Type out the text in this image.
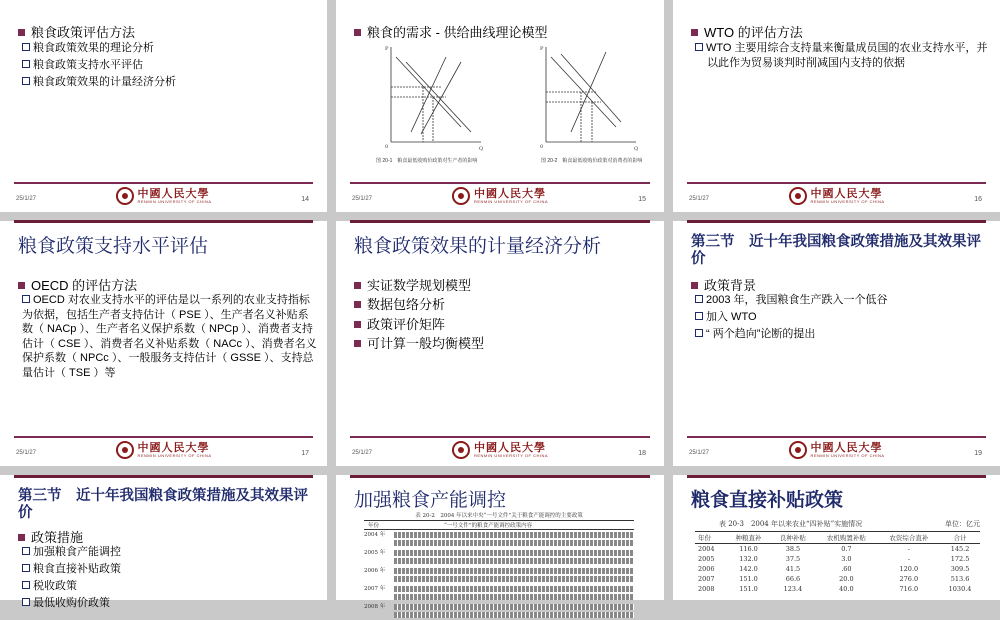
粮食政策评估方法
粮食政策效果的理论分析
粮食政策支持水平评估
粮食政策效果的计量经济分析
25/1/27	中國人民大學
RENMIN UNIVERSITY OF CHINA	14
粮食的需求 - 供给曲线理论模型
P
Q
0
图 20-1　粮食最低收购价政策对生产者的影响
P
Q
0
图 20-2　粮食最低收购价政策对消费者的影响
25/1/27	中國人民大學
RENMIN UNIVERSITY OF CHINA	15
WTO 的评估方法
WTO 主要用综合支持量来衡量成员国的农业支持水平，并以此作为贸易谈判时削减国内支持的依据
25/1/27	中國人民大學
RENMIN UNIVERSITY OF CHINA	16
粮食政策支持水平评估
OECD 的评估方法
OECD 对农业支持水平的评估是以一系列的农业支持指标为依据，包括生产者支持估计（ PSE ）、生产者名义补贴系数（ NACp ）、生产者名义保护系数（ NPCp ）、消费者支持估计（ CSE ）、消费者名义补贴系数（ NACc ）、消费者名义保护系数（ NPCc ）、一般服务支持估计（ GSSE ）、支持总量估计（ TSE ）等
25/1/27	中國人民大學
RENMIN UNIVERSITY OF CHINA	17
粮食政策效果的计量经济分析
实证数学规划模型
数据包络分析
政策评价矩阵
可计算一般均衡模型
25/1/27	中國人民大學
RENMIN UNIVERSITY OF CHINA	18
第三节　近十年我国粮食政策措施及其效果评价
政策背景
2003 年，我国粮食生产跌入一个低谷
加入 WTO
“ 两个趋向”论断的提出
25/1/27	中國人民大學
RENMIN UNIVERSITY OF CHINA	19
第三节　近十年我国粮食政策措施及其效果评价
政策措施
加强粮食产能调控
粮食直接补贴政策
税收政策
最低收购价政策
加强粮食产能调控
表 20-2　2004 年以来中央“一号文件”关于粮食产能调控的主要政策
年份	“一号文件”的粮食产能调控政策内容
2004 年
2005 年
2006 年
2007 年
2008 年
粮食直接补贴政策
表 20-3　2004 年以来农业“四补贴”实施情况	单位：亿元
年份	种粮直补	良种补贴	农机购置补贴	农资综合直补	合计
2004	116.0	38.5	0.7	-	145.2
2005	132.0	37.5	3.0	-	172.5
2006	142.0	41.5	.60	120.0	309.5
2007	151.0	66.6	20.0	276.0	513.6
2008	151.0	123.4	40.0	716.0	1030.4
